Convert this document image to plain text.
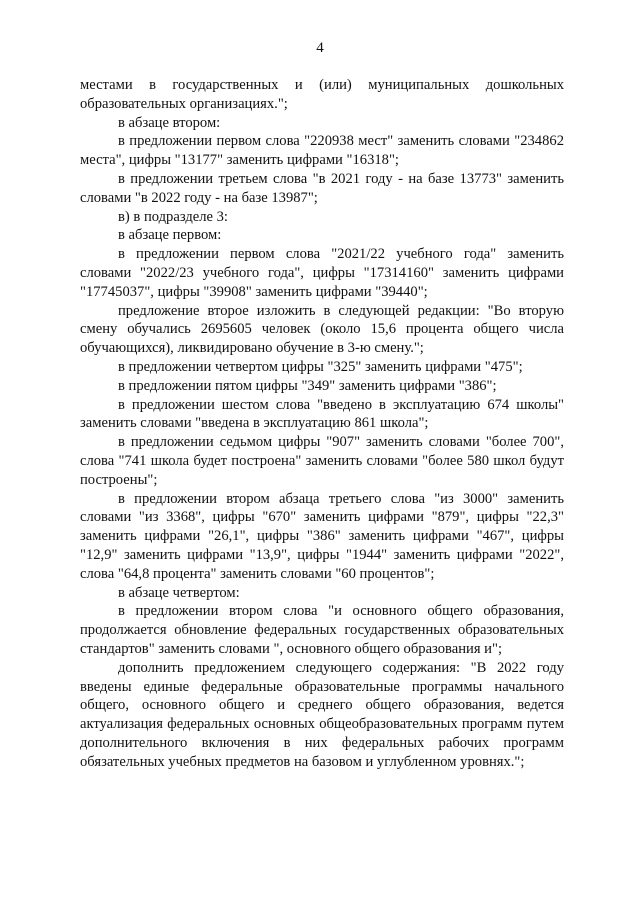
4

местами в государственных и (или) муниципальных дошкольных образовательных организациях.";

в абзаце втором:

в предложении первом слова "220938 мест" заменить словами "234862 места", цифры "13177" заменить цифрами "16318";

в предложении третьем слова "в 2021 году - на базе 13773" заменить словами "в 2022 году - на базе 13987";

в) в подразделе 3:

в абзаце первом:

в предложении первом слова "2021/22 учебного года" заменить словами "2022/23 учебного года", цифры "17314160" заменить цифрами "17745037", цифры "39908" заменить цифрами "39440";

предложение второе изложить в следующей редакции: "Во вторую смену обучались 2695605 человек (около 15,6 процента общего числа обучающихся), ликвидировано обучение в 3-ю смену.";

в предложении четвертом цифры "325" заменить цифрами "475";

в предложении пятом цифры "349" заменить цифрами "386";

в предложении шестом слова "введено в эксплуатацию 674 школы" заменить словами "введена в эксплуатацию 861 школа";

в предложении седьмом цифры "907" заменить словами "более 700", слова "741 школа будет построена" заменить словами "более 580 школ будут построены";

в предложении втором абзаца третьего слова "из 3000" заменить словами "из 3368", цифры "670" заменить цифрами "879", цифры "22,3" заменить цифрами "26,1", цифры "386" заменить цифрами "467", цифры "12,9" заменить цифрами "13,9", цифры "1944" заменить цифрами "2022", слова "64,8 процента" заменить словами "60 процентов";

в абзаце четвертом:

в предложении втором слова "и основного общего образования, продолжается обновление федеральных государственных образовательных стандартов" заменить словами ", основного общего образования и";

дополнить предложением следующего содержания: "В 2022 году введены единые федеральные образовательные программы начального общего, основного общего и среднего общего образования, ведется актуализация федеральных основных общеобразовательных программ путем дополнительного включения в них федеральных рабочих программ обязательных учебных предметов на базовом и углубленном уровнях.";
